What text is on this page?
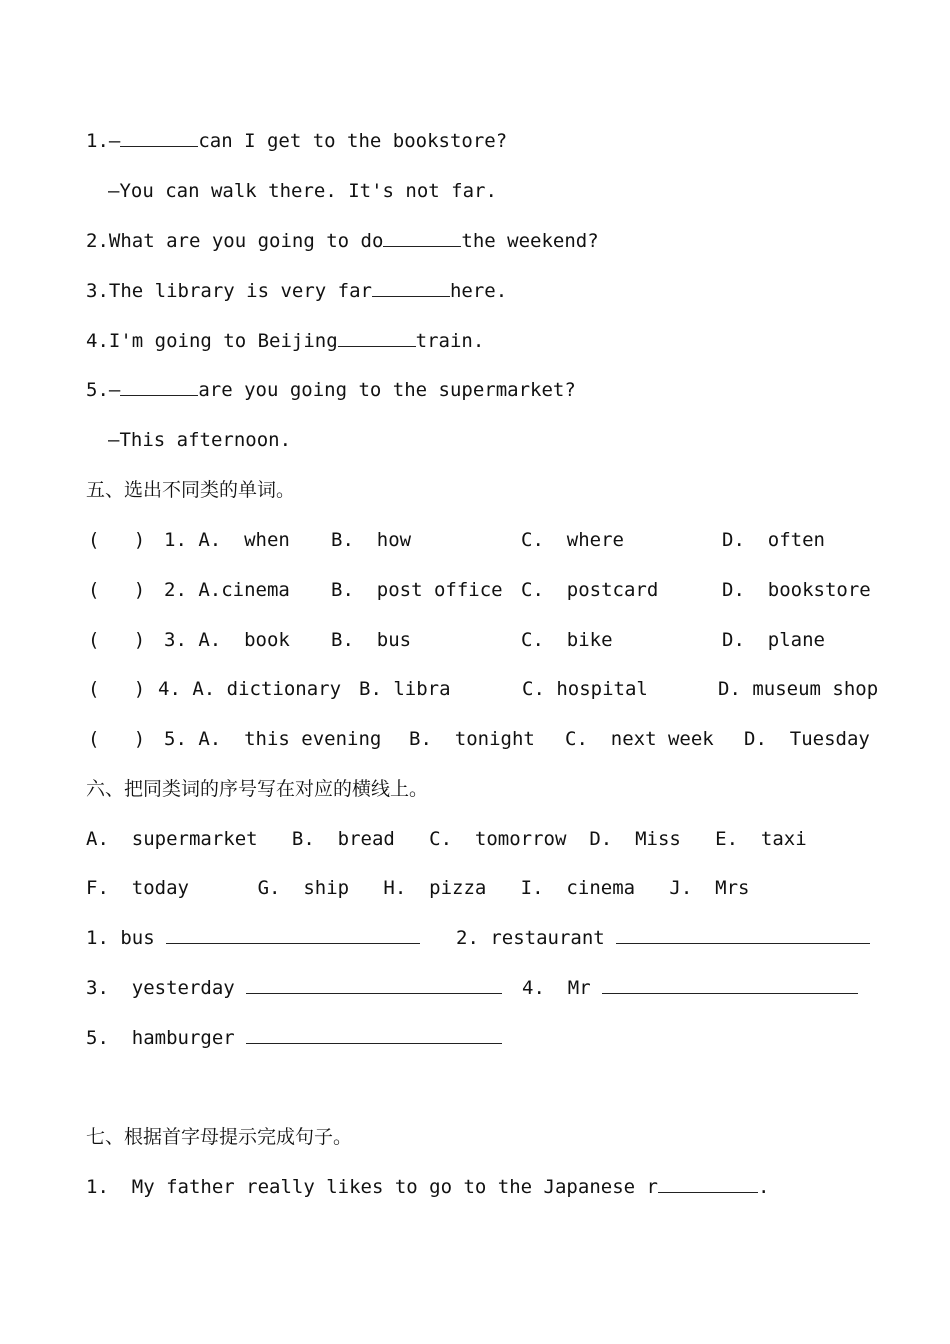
1.—	can I get to the bookstore?
—You can walk there. It's not far.
2.What are you going to do	the weekend?
3.The library is very far	here.
4.I'm going to Beijing	train.
5.—	are you going to the supermarket?
—This afternoon.
五、选出不同类的单词。
(   ) 1. A.  when B.  how	C.  where	D.  often
(   ) 2. A.cinema B.  post office C.  postcard	D.  bookstore
(   ) 3. A.  book B.  bus	C.  bike	D.  plane
(   ) 4. A. dictionary B. libra	C. hospital	D. museum shop
(   ) 5. A.  this evening B.  tonight C.  next week D.  Tuesday
六、把同类词的序号写在对应的横线上。
A.  supermarket   B.  bread   C.  tomorrow  D.  Miss   E.  taxi
F.  today      G.  ship   H.  pizza   I.  cinema   J.  Mrs
1. bus	2. restaurant
3.  yesterday	4.  Mr
5.  hamburger
七、根据首字母提示完成句子。
1.  My father really likes to go to the Japanese r	.
